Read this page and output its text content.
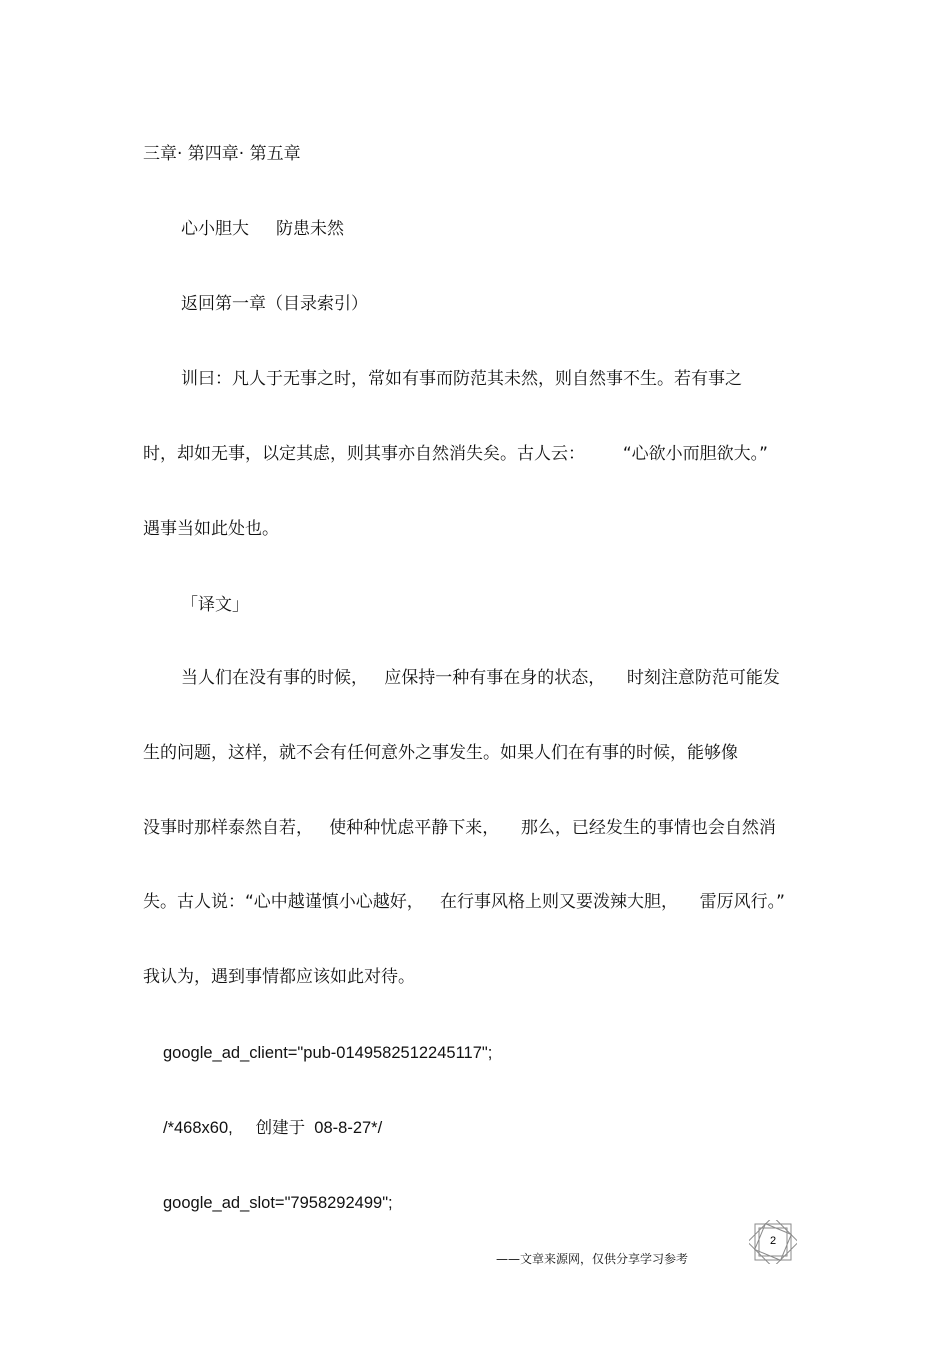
三章· 第四章· 第五章

心小胆大     防患未然

返回第一章（目录索引）

训曰：凡人于无事之时，常如有事而防范其未然，则自然事不生。若有事之

时，却如无事，以定其虑，则其事亦自然消失矣。古人云：       “心欲小而胆欲大。”

遇事当如此处也。

「译文」

当人们在没有事的时候，   应保持一种有事在身的状态，    时刻注意防范可能发

生的问题，这样，就不会有任何意外之事发生。如果人们在有事的时候，能够像

没事时那样泰然自若，   使种种忧虑平静下来，    那么，已经发生的事情也会自然消

失。古人说：“心中越谨慎小心越好，   在行事风格上则又要泼辣大胆，    雷厉风行。”

我认为，遇到事情都应该如此对待。

google_ad_client="pub-0149582512245117";

/*468x60,     创建于  08-8-27*/

google_ad_slot="7958292499";

2
——文章来源网，仅供分享学习参考
